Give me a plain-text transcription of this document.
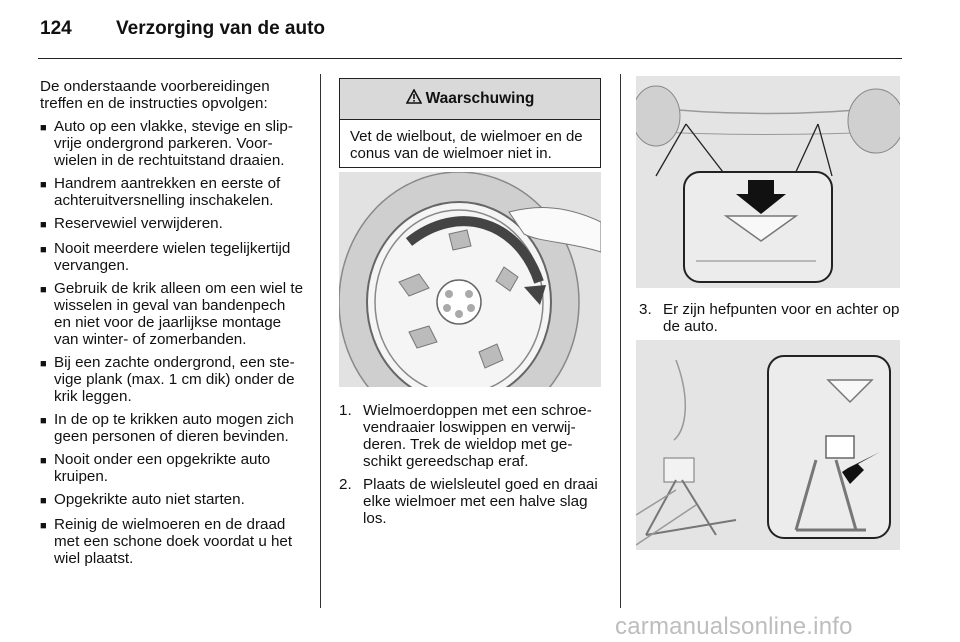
124 Verzorging van de auto

De onderstaande voorbereidingen treffen en de instructies opvolgen:

■ Auto op een vlakke, stevige en slipvrije ondergrond parkeren. Voorwielen in de rechtuitstand draaien.
■ Handrem aantrekken en eerste of achteruitversnelling inschakelen.
■ Reservewiel verwijderen.
■ Nooit meerdere wielen tegelijkertijd vervangen.
■ Gebruik de krik alleen om een wiel te wisselen in geval van bandenpech en niet voor de jaarlijkse montage van winter- of zomerbanden.
■ Bij een zachte ondergrond, een stevige plank (max. 1 cm dik) onder de krik leggen.
■ In de op te krikken auto mogen zich geen personen of dieren bevinden.
■ Nooit onder een opgekrikte auto kruipen.
■ Opgekrikte auto niet starten.
■ Reinig de wielmoeren en de draad met een schone doek voordat u het wiel plaatst.
Waarschuwing
Vet de wielbout, de wielmoer en de conus van de wielmoer niet in.
1. Wielmoerdoppen met een schroevendraaier loswippen en verwijderen. Trek de wieldop met geschikt gereedschap eraf.
2. Plaats de wielsleutel goed en draai elke wielmoer met een halve slag los.
3. Er zijn hefpunten voor en achter op de auto.
carmanualsonline.info
